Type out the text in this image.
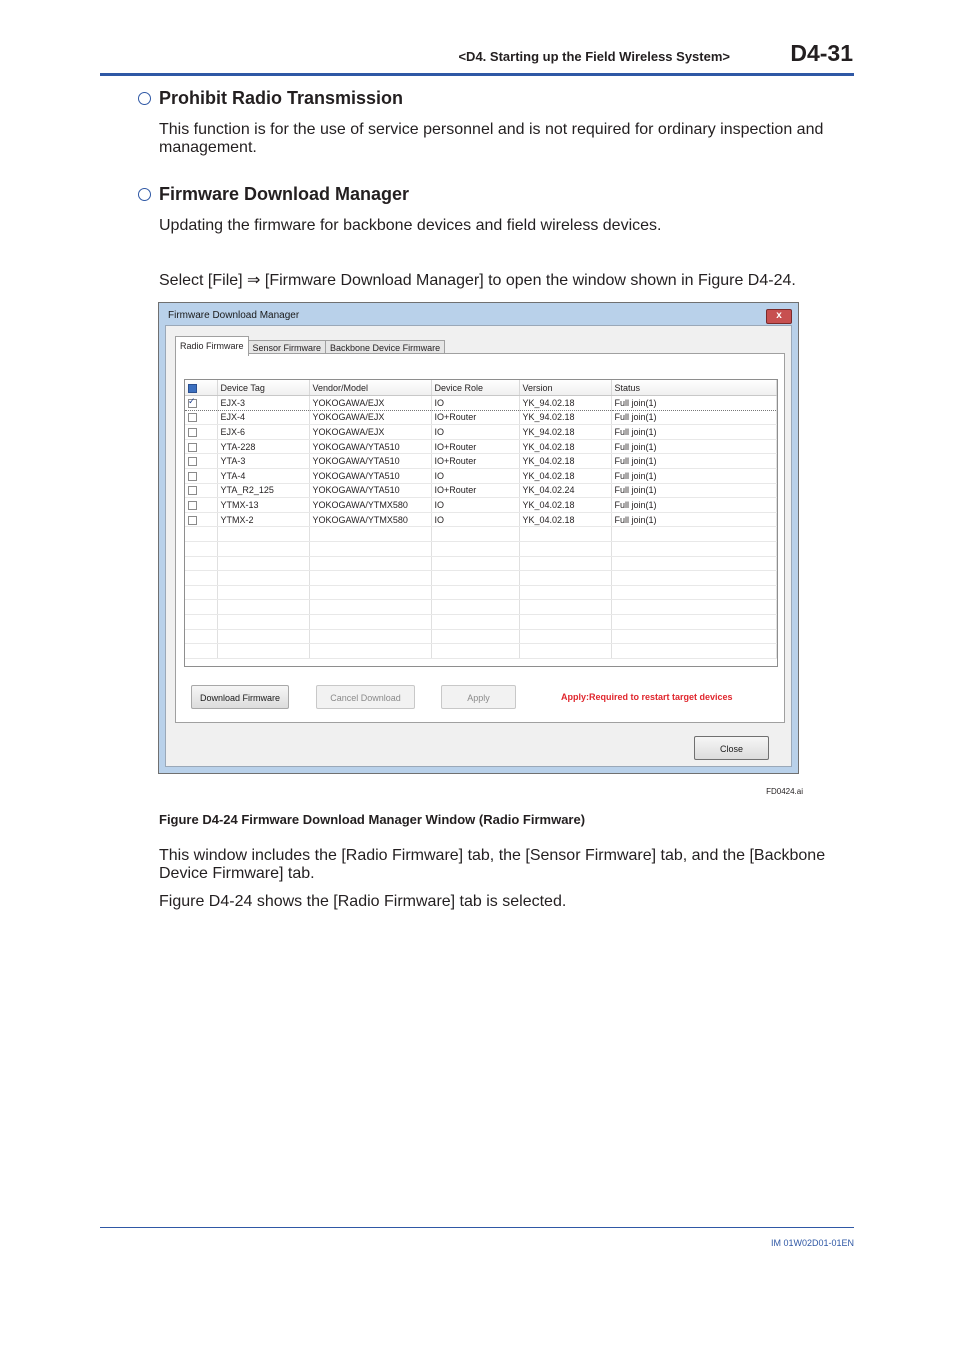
<D4. Starting up the Field Wireless System>	D4-31
Prohibit Radio Transmission
This function is for the use of service personnel and is not required for ordinary inspection and management.
Firmware Download Manager
Updating the firmware for backbone devices and field wireless devices.
Select [File] ⇒ [Firmware Download Manager] to open the window shown in Figure D4-24.
Firmware Download Manager	x
Radio Firmware	Sensor Firmware	Backbone Device Firmware
	Device Tag	Vendor/Model	Device Role	Version	Status
✓	EJX-3	YOKOGAWA/EJX	IO	YK_94.02.18	Full join(1)
	EJX-4	YOKOGAWA/EJX	IO+Router	YK_94.02.18	Full join(1)
	EJX-6	YOKOGAWA/EJX	IO	YK_94.02.18	Full join(1)
	YTA-228	YOKOGAWA/YTA510	IO+Router	YK_04.02.18	Full join(1)
	YTA-3	YOKOGAWA/YTA510	IO+Router	YK_04.02.18	Full join(1)
	YTA-4	YOKOGAWA/YTA510	IO	YK_04.02.18	Full join(1)
	YTA_R2_125	YOKOGAWA/YTA510	IO+Router	YK_04.02.24	Full join(1)
	YTMX-13	YOKOGAWA/YTMX580	IO	YK_04.02.18	Full join(1)
	YTMX-2	YOKOGAWA/YTMX580	IO	YK_04.02.18	Full join(1)

Download Firmware	Cancel Download	Apply	Apply:Required to restart target devices
Close
FD0424.ai
Figure D4-24 Firmware Download Manager Window (Radio Firmware)
This window includes the [Radio Firmware] tab, the [Sensor Firmware] tab, and the [Backbone Device Firmware] tab.
Figure D4-24 shows the [Radio Firmware] tab is selected.
IM 01W02D01-01EN
